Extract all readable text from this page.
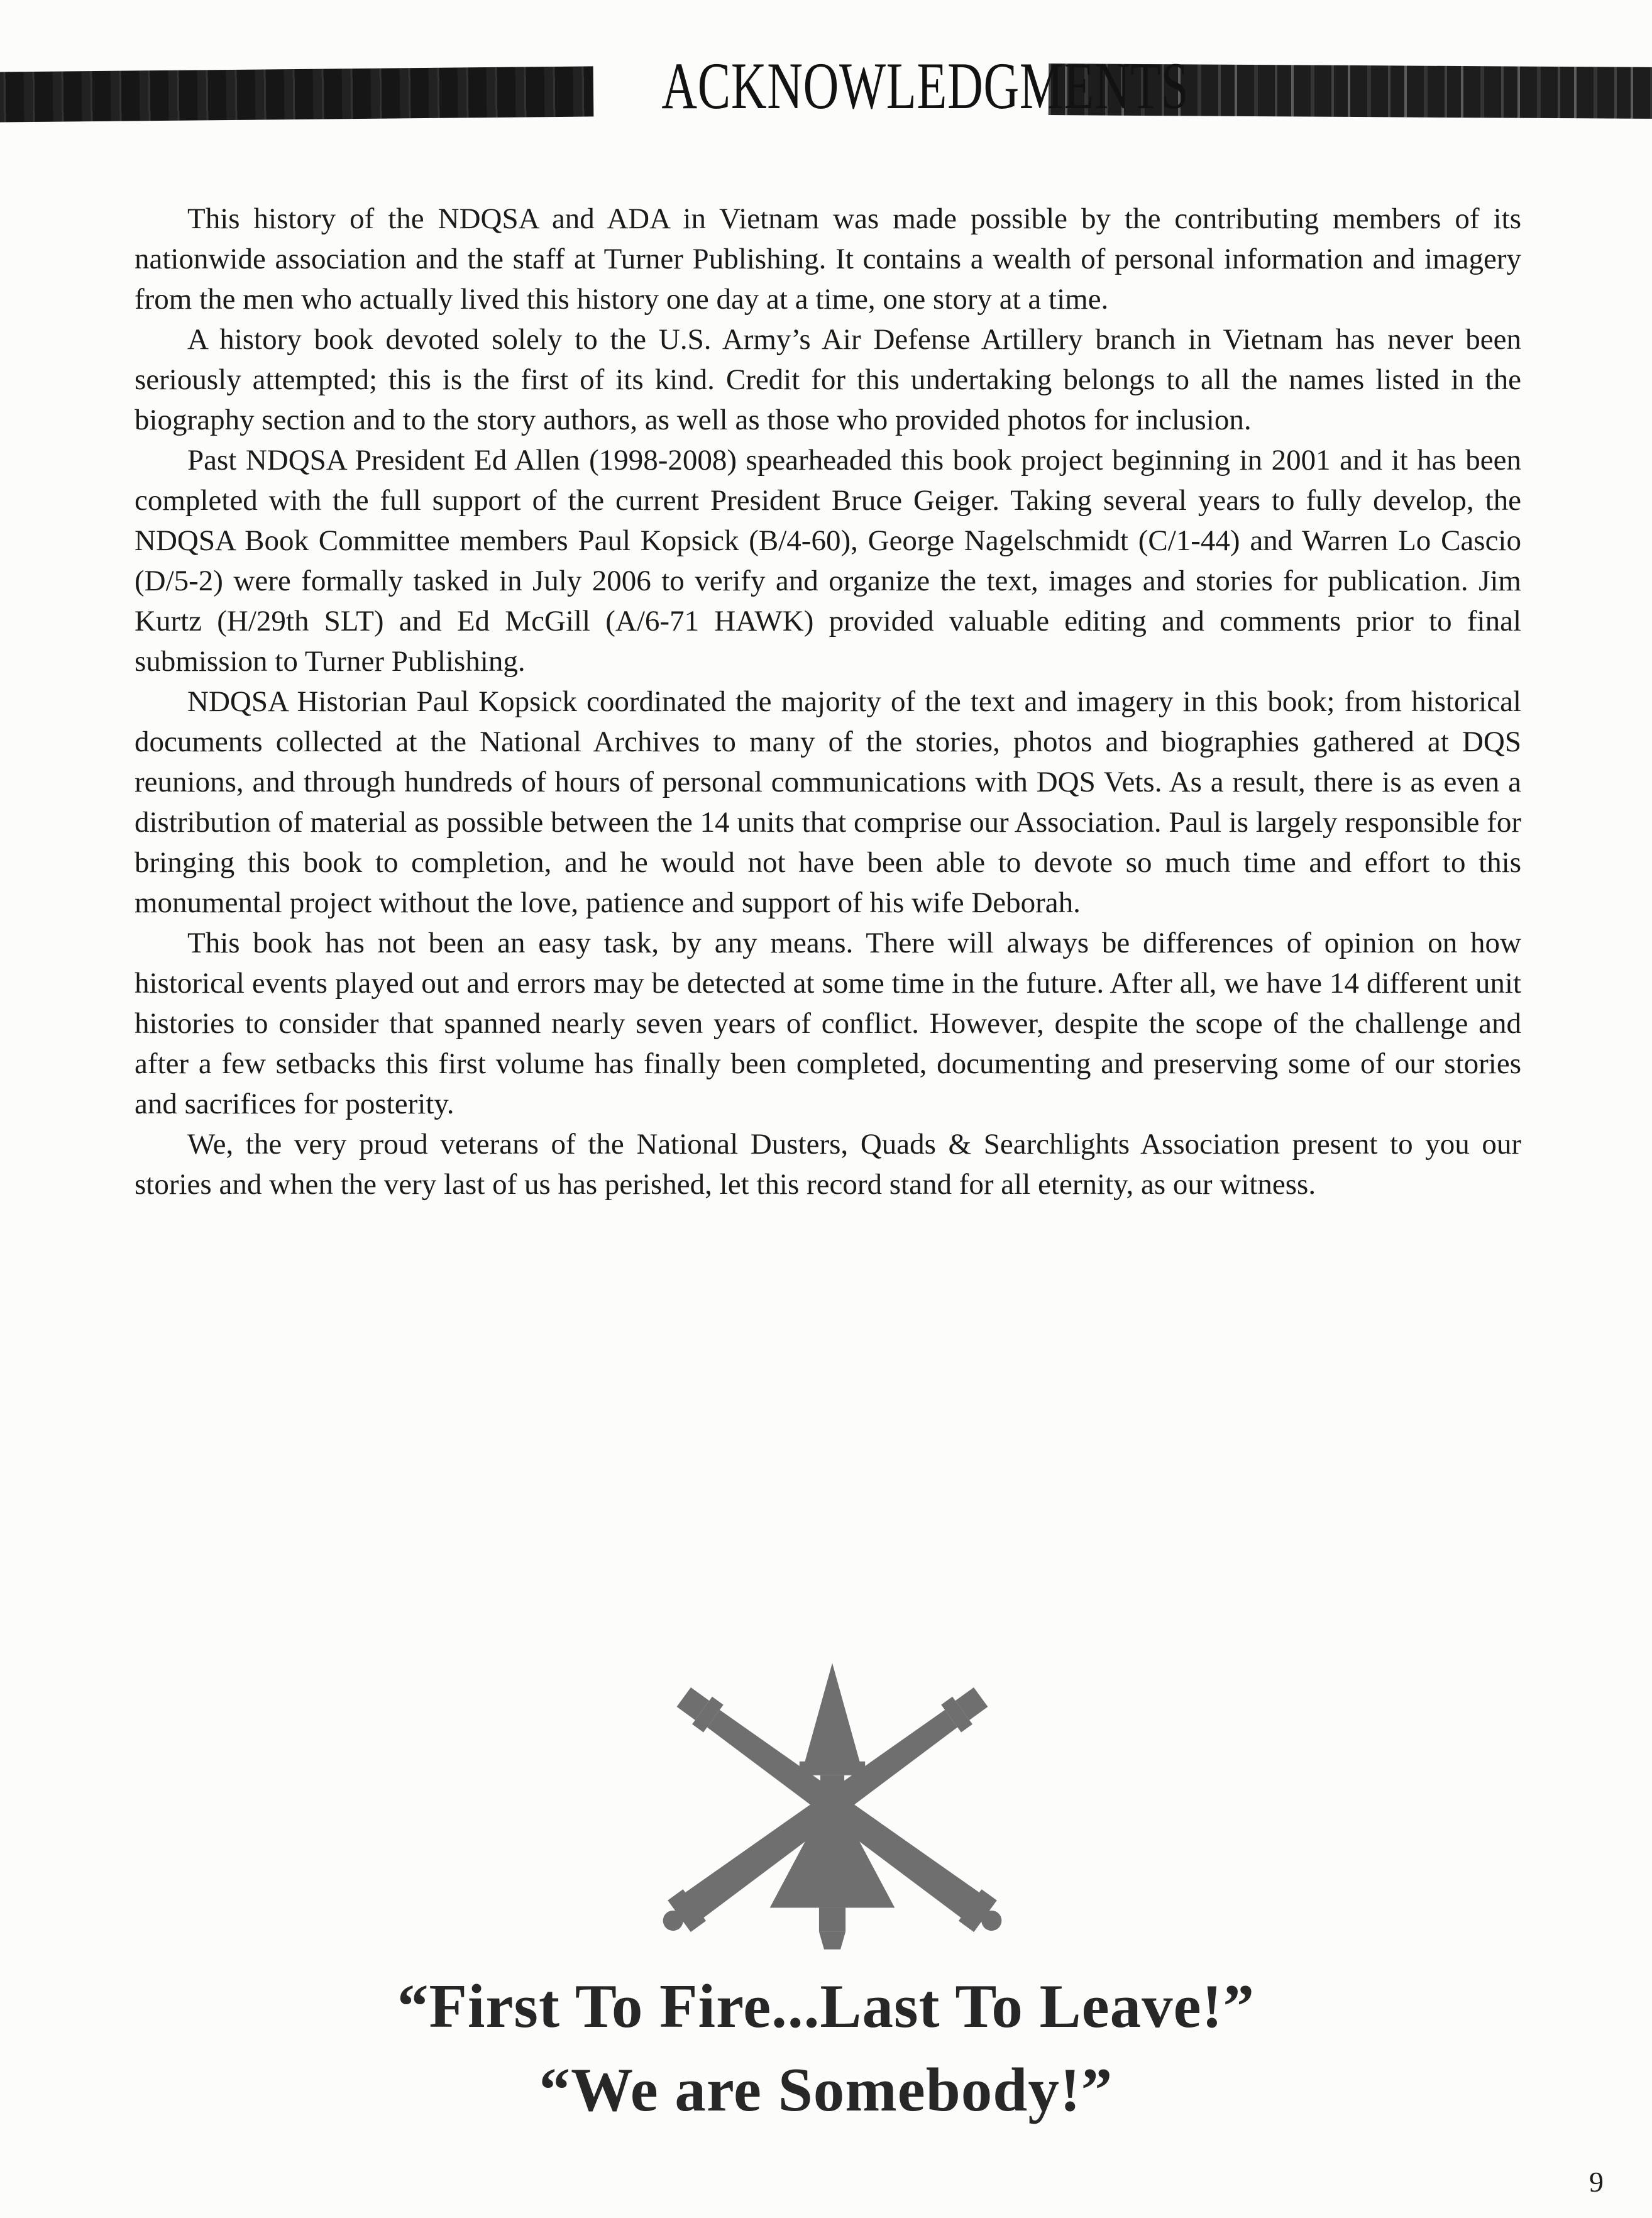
ACKNOWLEDGMENTS

This history of the NDQSA and ADA in Vietnam was made possible by the contributing members of its nationwide association and the staff at Turner Publishing. It contains a wealth of personal information and imagery from the men who actually lived this history one day at a time, one story at a time.

A history book devoted solely to the U.S. Army’s Air Defense Artillery branch in Vietnam has never been seriously attempted; this is the first of its kind. Credit for this undertaking belongs to all the names listed in the biography section and to the story authors, as well as those who provided photos for inclusion.

Past NDQSA President Ed Allen (1998-2008) spearheaded this book project beginning in 2001 and it has been completed with the full support of the current President Bruce Geiger. Taking several years to fully develop, the NDQSA Book Committee members Paul Kopsick (B/4-60), George Nagelschmidt (C/1-44) and Warren Lo Cascio (D/5-2) were formally tasked in July 2006 to verify and organize the text, images and stories for publication. Jim Kurtz (H/29th SLT) and Ed McGill (A/6-71 HAWK) provided valuable editing and comments prior to final submission to Turner Publishing.

NDQSA Historian Paul Kopsick coordinated the majority of the text and imagery in this book; from historical documents collected at the National Archives to many of the stories, photos and biographies gathered at DQS reunions, and through hundreds of hours of personal communications with DQS Vets. As a result, there is as even a distribution of material as possible between the 14 units that comprise our Association. Paul is largely responsible for bringing this book to completion, and he would not have been able to devote so much time and effort to this monumental project without the love, patience and support of his wife Deborah.

This book has not been an easy task, by any means. There will always be differences of opinion on how historical events played out and errors may be detected at some time in the future. After all, we have 14 different unit histories to consider that spanned nearly seven years of conflict. However, despite the scope of the challenge and after a few setbacks this first volume has finally been completed, documenting and preserving some of our stories and sacrifices for posterity.

We, the very proud veterans of the National Dusters, Quads & Searchlights Association present to you our stories and when the very last of us has perished, let this record stand for all eternity, as our witness.

“First To Fire...Last To Leave!”
“We are Somebody!”
9
